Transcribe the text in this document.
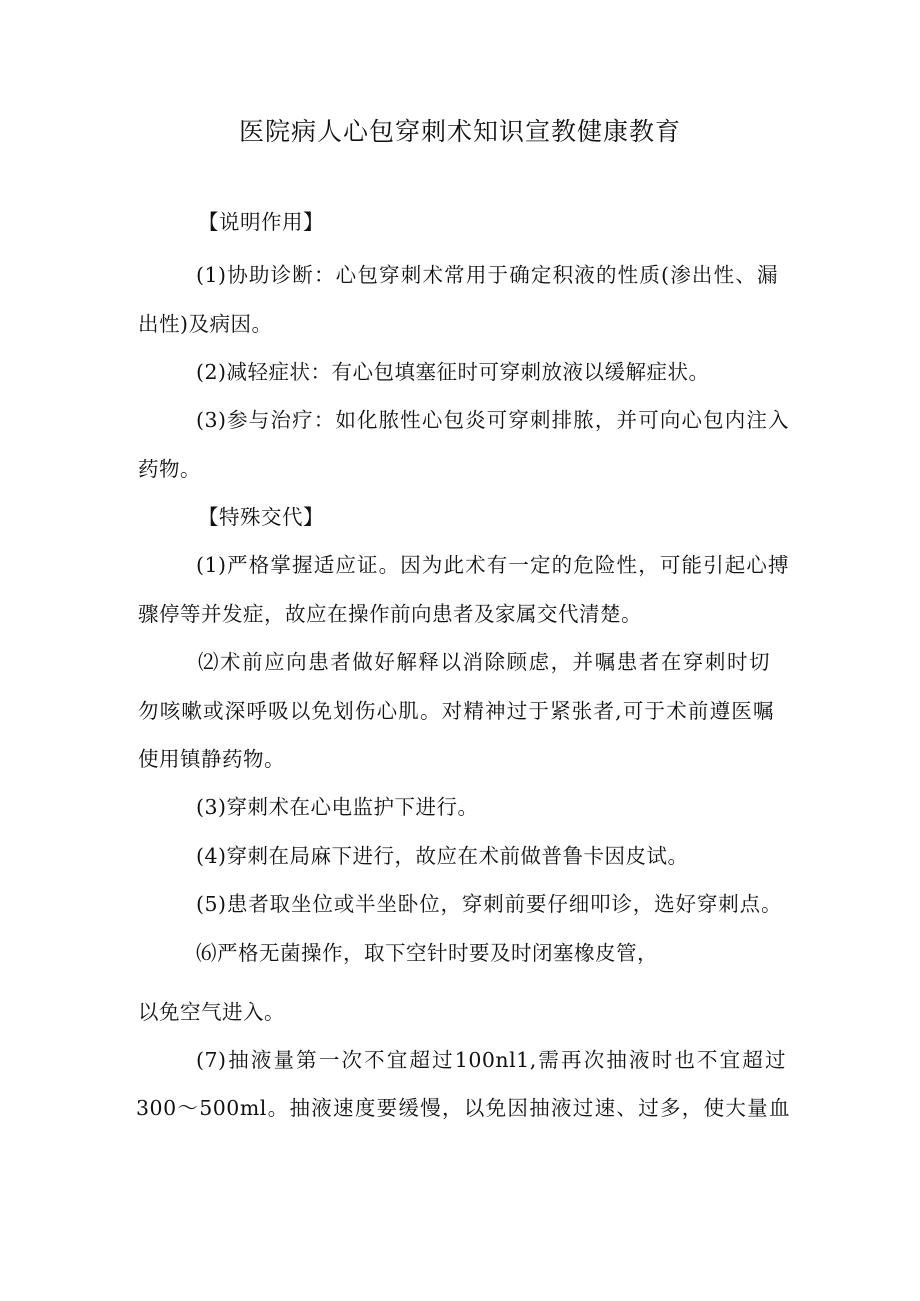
医院病人心包穿刺术知识宣教健康教育
【说明作用】
(1)协助诊断：心包穿刺术常用于确定积液的性质(渗出性、漏
出性)及病因。
(2)减轻症状：有心包填塞征时可穿刺放液以缓解症状。
(3)参与治疗：如化脓性心包炎可穿刺排脓，并可向心包内注入
药物。
【特殊交代】
(1)严格掌握适应证。因为此术有一定的危险性，可能引起心搏
骤停等并发症，故应在操作前向患者及家属交代清楚。
⑵术前应向患者做好解释以消除顾虑，并嘱患者在穿刺时切
勿咳嗽或深呼吸以免划伤心肌。对精神过于紧张者,可于术前遵医嘱
使用镇静药物。
(3)穿刺术在心电监护下进行。
(4)穿刺在局麻下进行，故应在术前做普鲁卡因皮试。
(5)患者取坐位或半坐卧位，穿刺前要仔细叩诊，选好穿刺点。
⑹严格无菌操作，取下空针时要及时闭塞橡皮管，
以免空气进入。
(7)抽液量第一次不宜超过100nl1,需再次抽液时也不宜超过
300～500ml。抽液速度要缓慢，以免因抽液过速、过多，使大量血
